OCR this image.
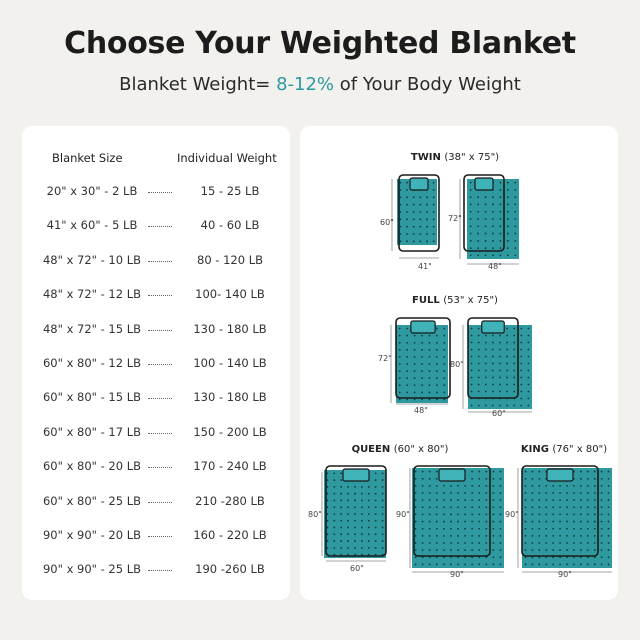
Choose Your Weighted Blanket
Blanket Weight= 8-12% of Your Body Weight
Blanket Size	Individual Weight
20" x 30" - 2 LB	15 - 25 LB
41" x 60" - 5 LB	40 - 60 LB
48" x 72" - 10 LB	80 - 120 LB
48" x 72" - 12 LB	100- 140 LB
48" x 72" - 15 LB	130 - 180 LB
60" x 80" - 12 LB	100 - 140 LB
60" x 80" - 15 LB	130 - 180 LB
60" x 80" - 17 LB	150 - 200 LB
60" x 80" - 20 LB	170 - 240 LB
60" x 80" - 25 LB	210 -280 LB
90" x 90" - 20 LB	160 - 220 LB
90" x 90" - 25 LB	190 -260 LB
TWIN (38" x 75")
60"
41"
72"
48"
FULL (53" x 75")
72"
48"
80"
60"
QUEEN (60" x 80")
80"
60"
90"
90"
KING (76" x 80")
90"
90"
